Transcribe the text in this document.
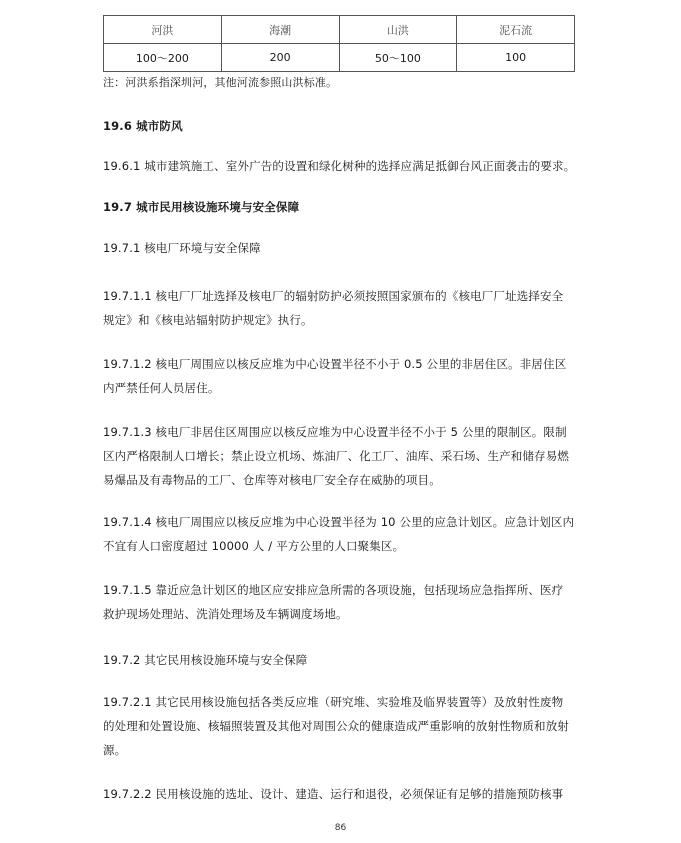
河洪	海潮	山洪	泥石流
100～200	200	50～100	100

注：河洪系指深圳河，其他河流参照山洪标准。

19.6 城市防风

19.6.1 城市建筑施工、室外广告的设置和绿化树种的选择应满足抵御台风正面袭击的要求。

19.7 城市民用核设施环境与安全保障

19.7.1 核电厂环境与安全保障

19.7.1.1 核电厂厂址选择及核电厂的辐射防护必须按照国家颁布的《核电厂厂址选择安全
规定》和《核电站辐射防护规定》执行。

19.7.1.2 核电厂周围应以核反应堆为中心设置半径不小于 0.5 公里的非居住区。非居住区
内严禁任何人员居住。

19.7.1.3 核电厂非居住区周围应以核反应堆为中心设置半径不小于 5 公里的限制区。限制
区内严格限制人口增长；禁止设立机场、炼油厂、化工厂、油库、采石场、生产和储存易燃
易爆品及有毒物品的工厂、仓库等对核电厂安全存在威胁的项目。

19.7.1.4 核电厂周围应以核反应堆为中心设置半径为 10 公里的应急计划区。应急计划区内
不宜有人口密度超过 10000 人 / 平方公里的人口聚集区。

19.7.1.5 靠近应急计划区的地区应安排应急所需的各项设施，包括现场应急指挥所、医疗
救护现场处理站、洗消处理场及车辆调度场地。

19.7.2 其它民用核设施环境与安全保障

19.7.2.1 其它民用核设施包括各类反应堆（研究堆、实验堆及临界装置等）及放射性废物
的处理和处置设施、核辐照装置及其他对周围公众的健康造成严重影响的放射性物质和放射
源。

19.7.2.2 民用核设施的选址、设计、建造、运行和退役，必须保证有足够的措施预防核事

86
